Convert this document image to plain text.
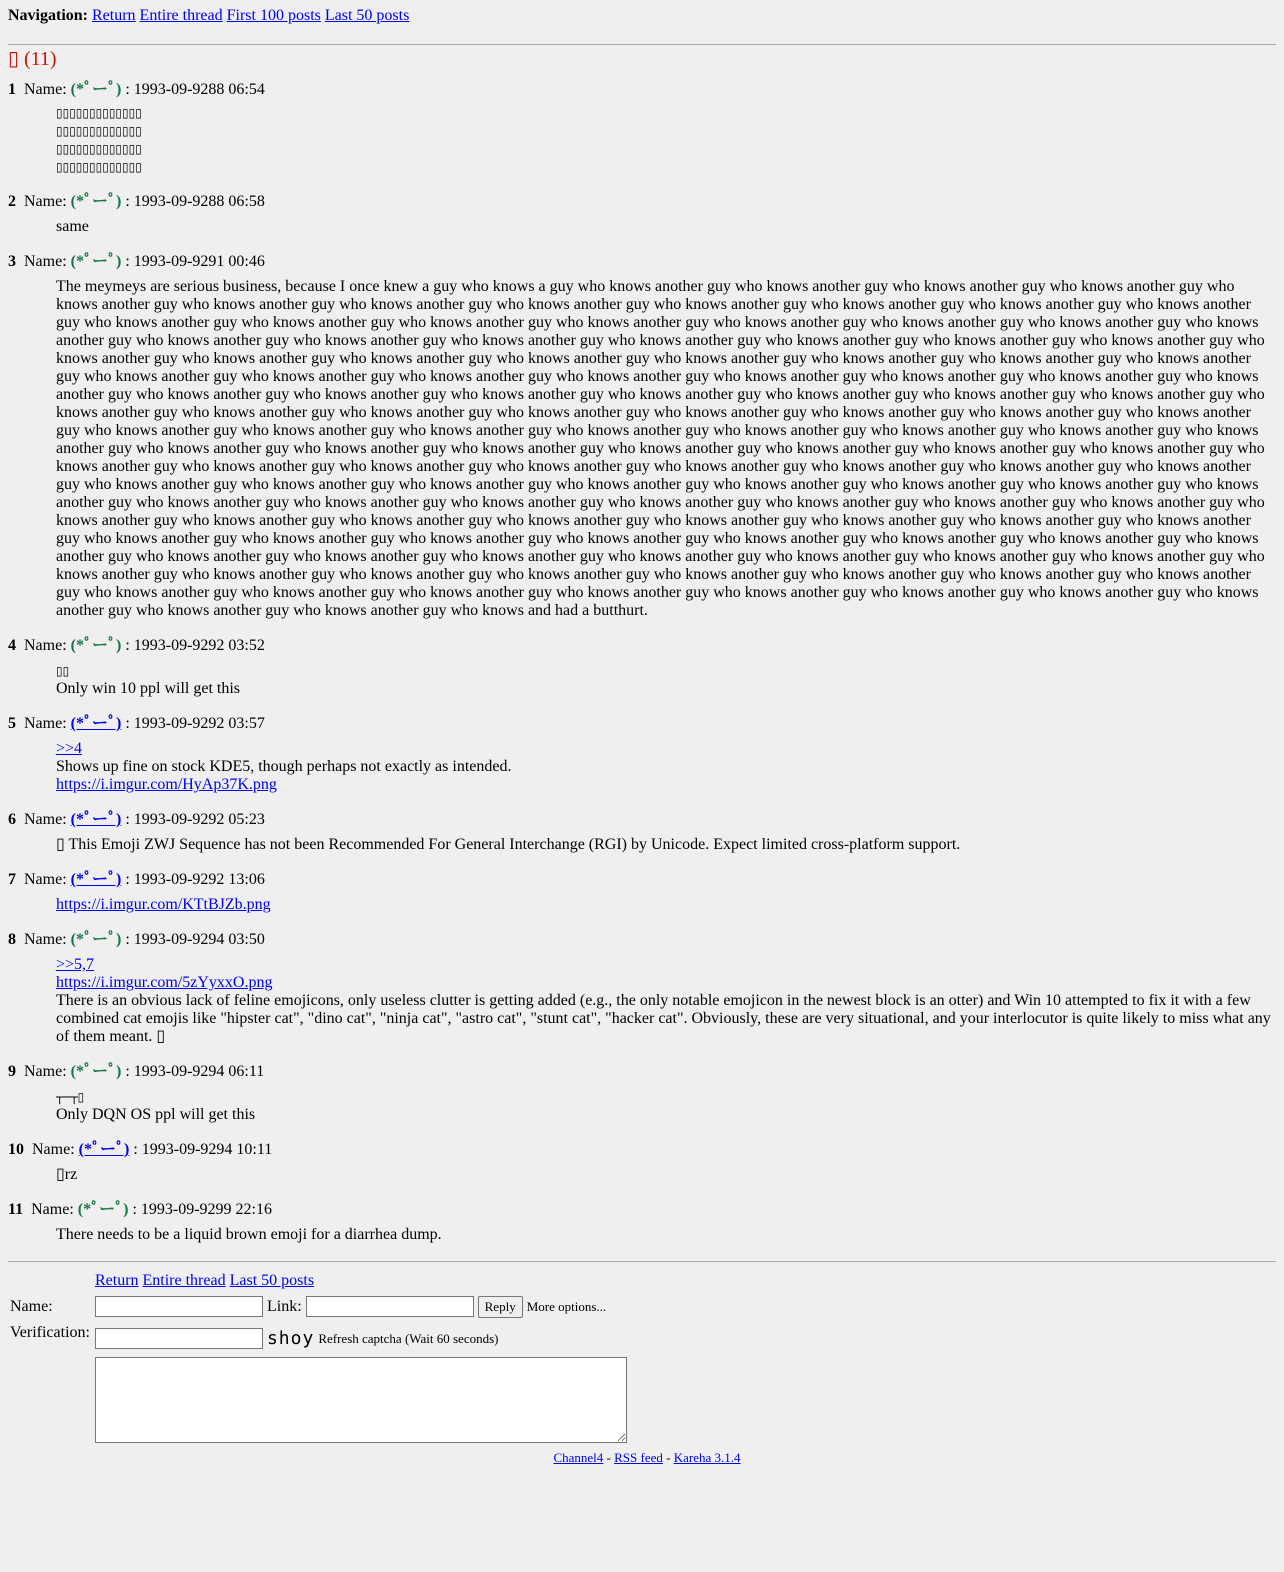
Navigation: Return Entire thread First 100 posts Last 50 posts
▯ (11)
1 Name: (*ﾟーﾟ) : 1993-09-9288 06:54
▯▯▯▯▯▯▯▯▯▯▯▯▯
▯▯▯▯▯▯▯▯▯▯▯▯▯
▯▯▯▯▯▯▯▯▯▯▯▯▯
▯▯▯▯▯▯▯▯▯▯▯▯▯
2 Name: (*ﾟーﾟ) : 1993-09-9288 06:58
same
3 Name: (*ﾟーﾟ) : 1993-09-9291 00:46
The meymeys are serious business, because I once knew a guy who knows a guy who knows another guy who knows another guy who knows another guy who knows another guy who knows another guy who knows another guy who knows another guy who knows another guy who knows another guy who knows another guy who knows another guy who knows another guy who knows another guy who knows another guy who knows another guy who knows another guy who knows another guy who knows another guy who knows another guy who knows another guy who knows another guy who knows another guy who knows another guy who knows another guy who knows another guy who knows another guy who knows another guy who knows another guy who knows another guy who knows another guy who knows another guy who knows another guy who knows another guy who knows another guy who knows another guy who knows another guy who knows another guy who knows another guy who knows another guy who knows another guy who knows another guy who knows another guy who knows another guy who knows another guy who knows another guy who knows another guy who knows another guy who knows another guy who knows another guy who knows another guy who knows another guy who knows another guy who knows another guy who knows another guy who knows another guy who knows another guy who knows another guy who knows another guy who knows another guy who knows another guy who knows another guy who knows another guy who knows another guy who knows another guy who knows another guy who knows another guy who knows another guy who knows another guy who knows another guy who knows another guy who knows another guy who knows another guy who knows another guy who knows another guy who knows another guy who knows another guy who knows another guy who knows another guy who knows another guy who knows another guy who knows another guy who knows another guy who knows another guy who knows another guy who knows another guy who knows another guy who knows another guy who knows another guy who knows another guy who knows another guy who knows another guy who knows another guy who knows another guy who knows another guy who knows another guy who knows another guy who knows another guy who knows another guy who knows another guy who knows another guy who knows another guy who knows another guy who knows another guy who knows another guy who knows another guy who knows another guy who knows another guy who knows another guy who knows another guy who knows another guy who knows another guy who knows another guy who knows another guy who knows another guy who knows another guy who knows another guy who knows another guy who knows another guy who knows another guy who knows another guy who knows another guy who knows another guy who knows another guy who knows another guy who knows another guy who knows another guy who knows another guy who knows another guy who knows another guy who knows another guy who knows another guy who knows another guy who knows another guy who knows another guy who knows another guy who knows another guy who knows another guy who knows and had a butthurt.
4 Name: (*ﾟーﾟ) : 1993-09-9292 03:52
▯▯
Only win 10 ppl will get this
5 Name: (*ﾟーﾟ) : 1993-09-9292 03:57
>>4
Shows up fine on stock KDE5, though perhaps not exactly as intended.
https://i.imgur.com/HyAp37K.png
6 Name: (*ﾟーﾟ) : 1993-09-9292 05:23
▯ This Emoji ZWJ Sequence has not been Recommended For General Interchange (RGI) by Unicode. Expect limited cross-platform support.
7 Name: (*ﾟーﾟ) : 1993-09-9292 13:06
https://i.imgur.com/KTtBJZb.png
8 Name: (*ﾟーﾟ) : 1993-09-9294 03:50
>>5,7
https://i.imgur.com/5zYyxxO.png
There is an obvious lack of feline emojicons, only useless clutter is getting added (e.g., the only notable emojicon in the newest block is an otter) and Win 10 attempted to fix it with a few combined cat emojis like "hipster cat", "dino cat", "ninja cat", "astro cat", "stunt cat", "hacker cat". Obviously, these are very situational, and your interlocutor is quite likely to miss what any of them meant. ▯
9 Name: (*ﾟーﾟ) : 1993-09-9294 06:11
┬─┬▯
Only DQN OS ppl will get this
10 Name: (*ﾟーﾟ) : 1993-09-9294 10:11
▯rz
11 Name: (*ﾟーﾟ) : 1993-09-9299 22:16
There needs to be a liquid brown emoji for a diarrhea dump.
	Return Entire thread Last 50 posts
Name:	Link: Reply More options...
Verification:	shoy Refresh captcha (Wait 60 seconds)

Channel4 - RSS feed - Kareha 3.1.4
